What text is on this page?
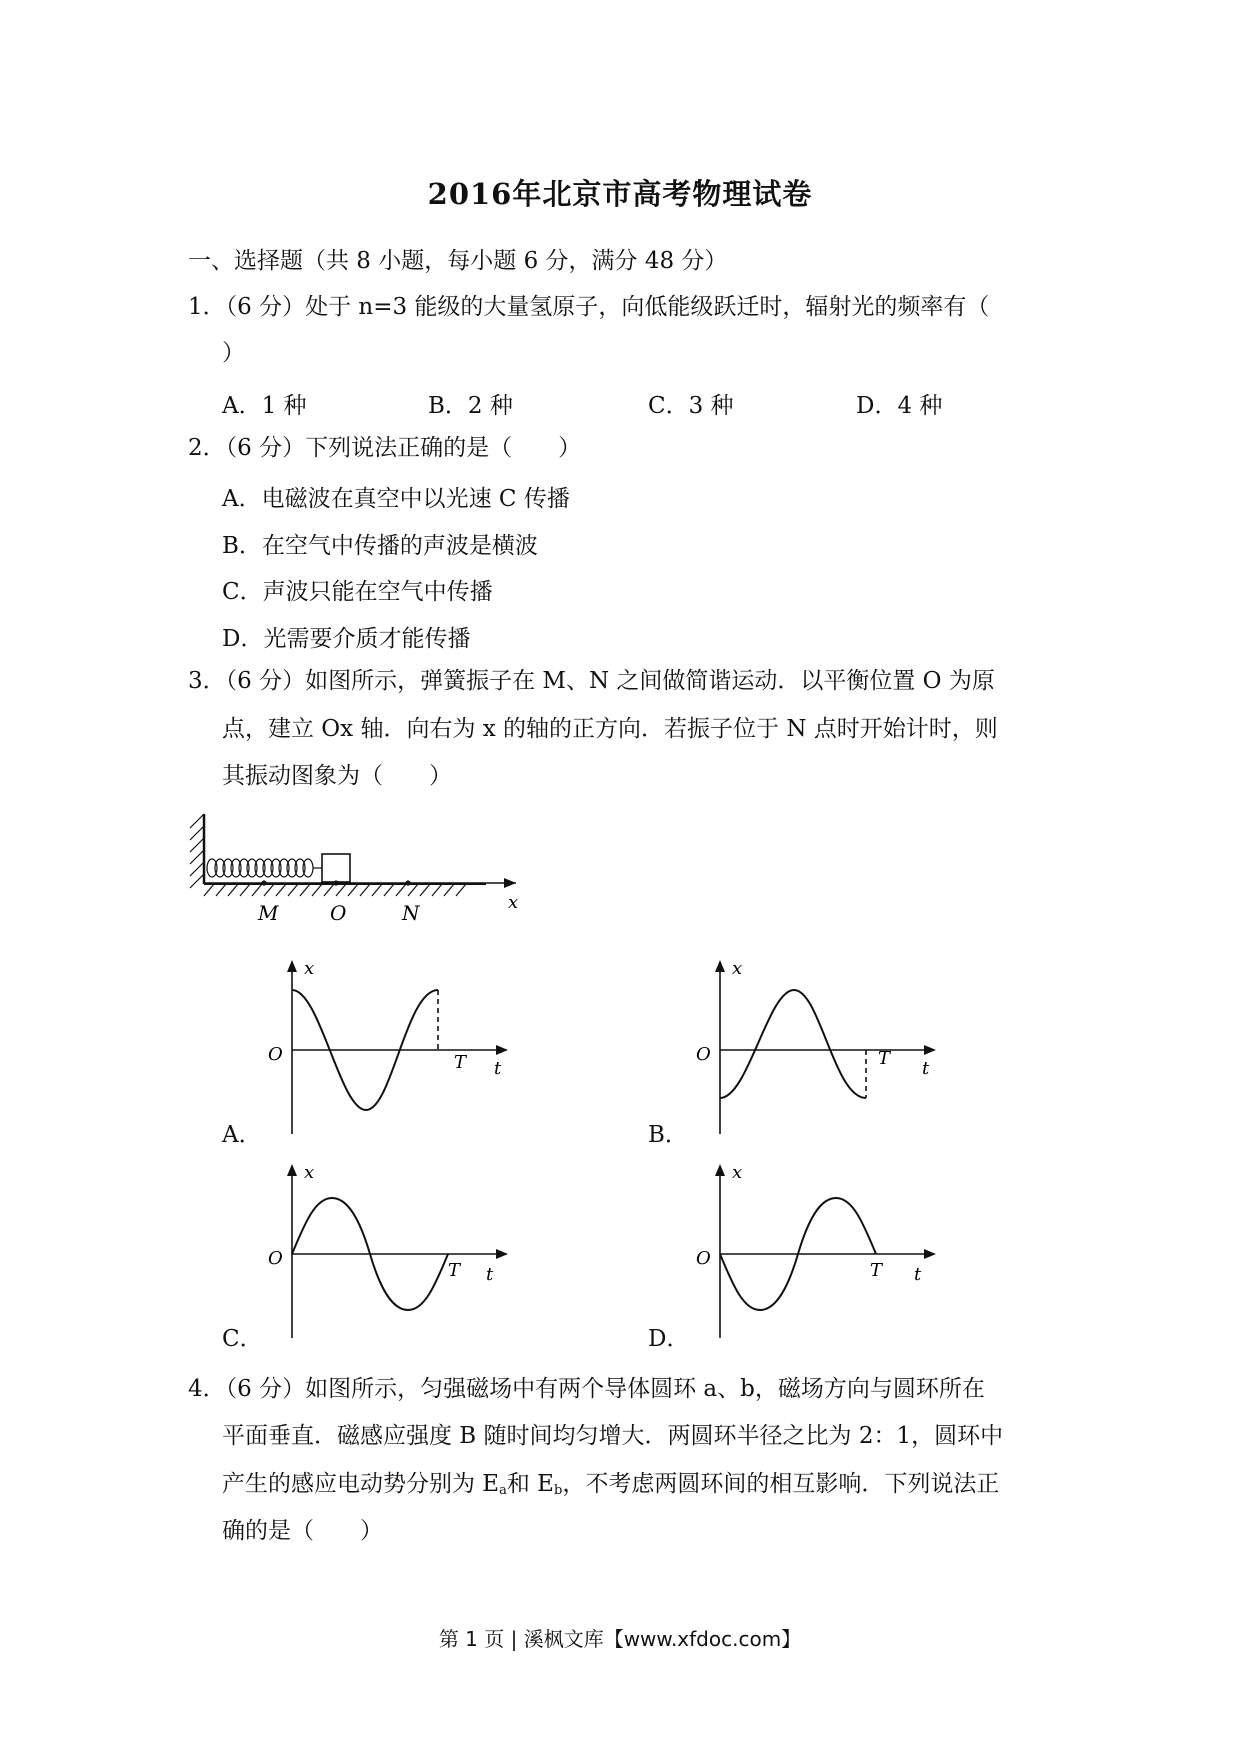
2016年北京市高考物理试卷
一、选择题（共 8 小题，每小题 6 分，满分 48 分）
1．（6 分）处于 n=3 能级的大量氢原子，向低能级跃迁时，辐射光的频率有（
）
A．1 种	B．2 种	C．3 种	D．4 种
2．（6 分）下列说法正确的是（　　）
A．电磁波在真空中以光速 C 传播
B．在空气中传播的声波是横波
C．声波只能在空气中传播
D．光需要介质才能传播
3．（6 分）如图所示，弹簧振子在 M、N 之间做简谐运动．以平衡位置 O 为原
点，建立 Ox 轴．向右为 x 的轴的正方向．若振子位于 N 点时开始计时，则
其振动图象为（　　）
M	O	N	x
x
O	T t
A．
x
O	T t
B．
x
O
T t
C．
x
O
T t
D．
4．（6 分）如图所示，匀强磁场中有两个导体圆环 a、b，磁场方向与圆环所在
平面垂直．磁感应强度 B 随时间均匀增大．两圆环半径之比为 2：1，圆环中
产生的感应电动势分别为 $E_a$和 $E_b$，不考虑两圆环间的相互影响．下列说法正
确的是（　　）
第 1 页 | 溪枫文库【www.xfdoc.com】
